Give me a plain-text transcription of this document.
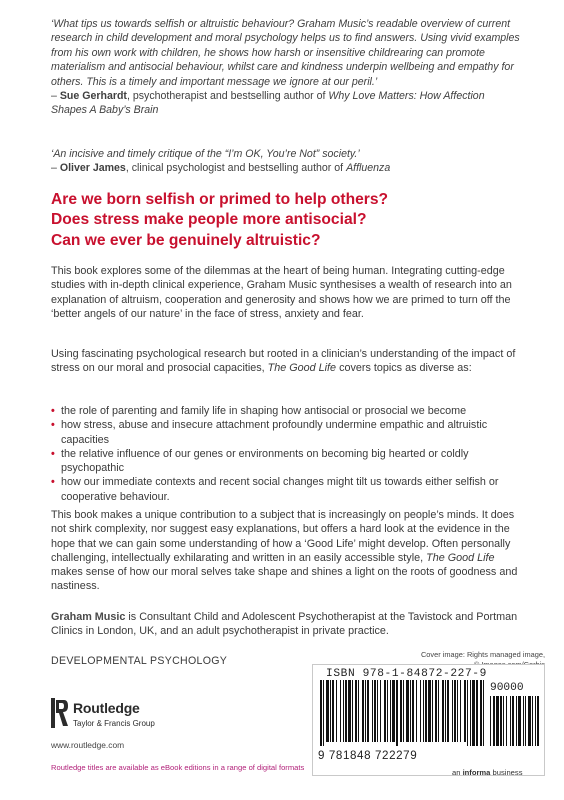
‘What tips us towards selfish or altruistic behaviour? Graham Music’s readable overview of current research in child development and moral psychology helps us to find answers. Using vivid examples from his own work with children, he shows how harsh or insensitive childrearing can promote materialism and antisocial behaviour, whilst care and kindness underpin wellbeing and empathy for others. This is a timely and important message we ignore at our peril.’
– Sue Gerhardt, psychotherapist and bestselling author of Why Love Matters: How Affection Shapes A Baby’s Brain
‘An incisive and timely critique of the “I’m OK, You’re Not” society.’
– Oliver James, clinical psychologist and bestselling author of Affluenza
Are we born selfish or primed to help others?
Does stress make people more antisocial?
Can we ever be genuinely altruistic?

This book explores some of the dilemmas at the heart of being human. Integrating cutting-edge studies with in-depth clinical experience, Graham Music synthesises a wealth of research into an explanation of altruism, cooperation and generosity and shows how we are primed to turn off the ‘better angels of our nature’ in the face of stress, anxiety and fear.

Using fascinating psychological research but rooted in a clinician’s understanding of the impact of stress on our moral and prosocial capacities, The Good Life covers topics as diverse as:

• the role of parenting and family life in shaping how antisocial or prosocial we become
• how stress, abuse and insecure attachment profoundly undermine empathic and altruistic capacities
• the relative influence of our genes or environments on becoming big hearted or coldly psychopathic
• how our immediate contexts and recent social changes might tilt us towards either selfish or cooperative behaviour.

This book makes a unique contribution to a subject that is increasingly on people’s minds. It does not shirk complexity, nor suggest easy explanations, but offers a hard look at the evidence in the hope that we can gain some understanding of how a ‘Good Life’ might develop. Often personally challenging, intellectually exhilarating and written in an easily accessible style, The Good Life makes sense of how our moral selves take shape and shines a light on the roots of goodness and nastiness.

Graham Music is Consultant Child and Adolescent Psychotherapist at the Tavistock and Portman Clinics in London, UK, and an adult psychotherapist in private practice.

DEVELOPMENTAL PSYCHOLOGY
Cover image: Rights managed image,
Routledge
Taylor & Francis Group
www.routledge.com
Routledge titles are available as eBook editions in a range of digital formats
ISBN 978-1-84872-227-9
90000
9 781848 722279
an informa business
